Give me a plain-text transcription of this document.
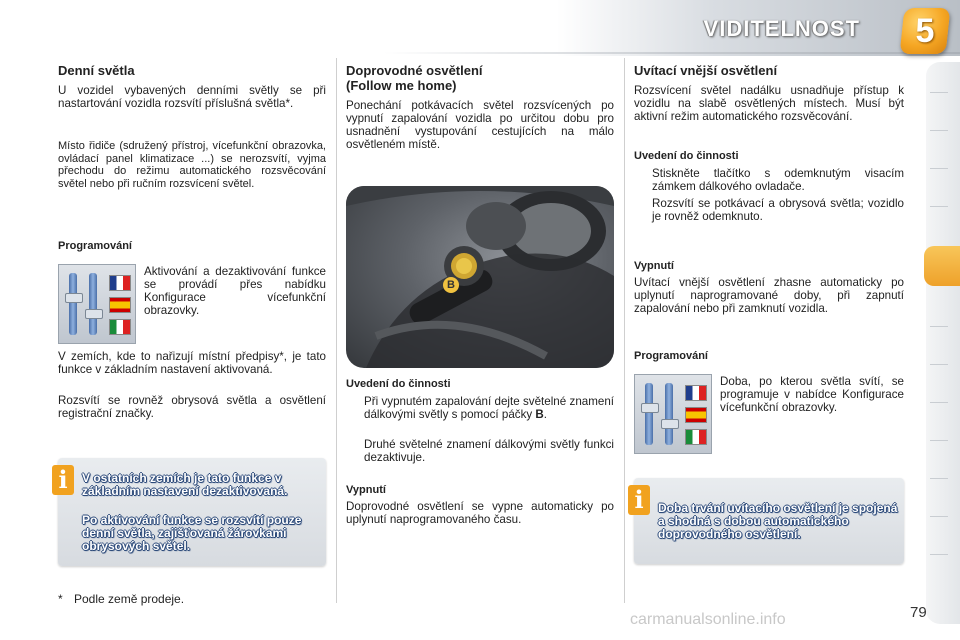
VIDITELNOST	5
Denní světla

U vozidel vybavených denními světly se při nastartování vozidla rozsvítí příslušná světla*.

Místo řidiče (sdružený přístroj, vícefunkční obrazovka, ovládací panel klimatizace ...) se nerozsvítí, vyjma přechodu do režimu automatického rozsvěcování světel nebo při ručním rozsvícení světel.

Programování

Aktivování a dezaktivování funkce se provádí přes nabídku Konfigurace vícefunkční obrazovky.

V zemích, kde to nařizují místní předpisy*, je tato funkce v základním nastavení aktivovaná.

Rozsvítí se rovněž obrysová světla a osvětlení registrační značky.

i	V ostatních zemích je tato funkce v základním nastavení dezaktivovaná.
Po aktivování funkce se rozsvítí pouze denní světla, zajišťovaná žárovkami obrysových světel.
* Podle země prodeje.
Doprovodné osvětlení
(Follow me home)

Ponechání potkávacích světel rozsvícených po vypnutí zapalování vozidla po určitou dobu pro usnadnění vystupování cestujících na málo osvětleném místě.

B
Uvedení do činnosti
Při vypnutém zapalování dejte světelné znamení dálkovými světly s pomocí páčky B.
Druhé světelné znamení dálkovými světly funkci dezaktivuje.
Vypnutí

Doprovodné osvětlení se vypne automaticky po uplynutí naprogramovaného času.

Uvítací vnější osvětlení

Rozsvícení světel nadálku usnadňuje přístup k vozidlu na slabě osvětlených místech. Musí být aktivní režim automatického rozsvěcování.

Uvedení do činnosti
Stiskněte tlačítko s odemknutým visacím zámkem dálkového ovladače.

Rozsvítí se potkávací a obrysová světla; vozidlo je rovněž odemknuto.

Vypnutí

Uvítací vnější osvětlení zhasne automaticky po uplynutí naprogramované doby, při zapnutí zapalování nebo při zamknutí vozidla.

Programování

Doba, po kterou světla svítí, se programuje v nabídce Konfigurace vícefunkční obrazovky.

i	Doba trvání uvítacího osvětlení je spojená a shodná s dobou automatického doprovodného osvětlení.
carmanualsonline.info	79
